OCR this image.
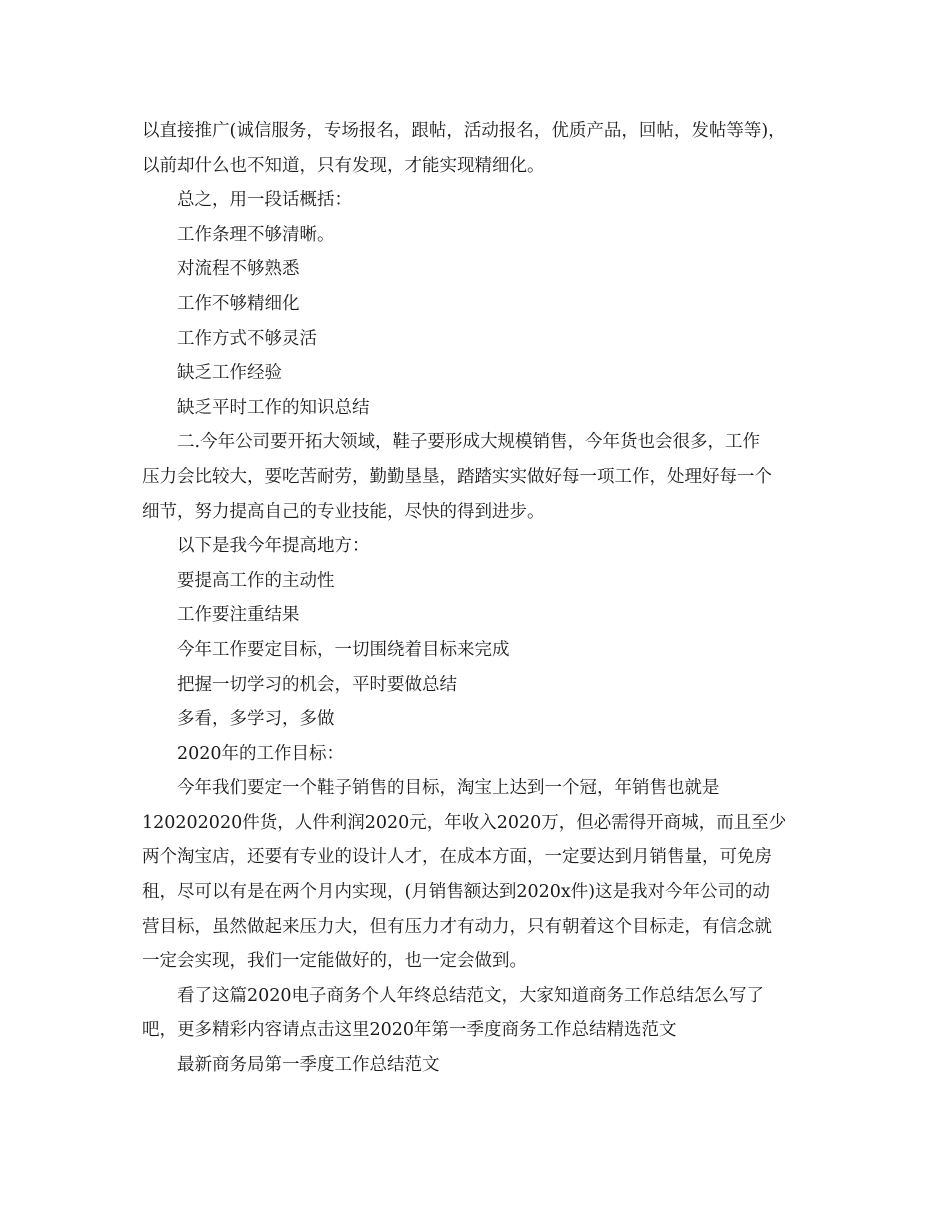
以直接推广(诚信服务，专场报名，跟帖，活动报名，优质产品，回帖，发帖等等)，
以前却什么也不知道，只有发现，才能实现精细化。

总之，用一段话概括：

工作条理不够清晰。

对流程不够熟悉

工作不够精细化

工作方式不够灵活

缺乏工作经验

缺乏平时工作的知识总结

二.今年公司要开拓大领域，鞋子要形成大规模销售，今年货也会很多，工作
压力会比较大，要吃苦耐劳，勤勤垦垦，踏踏实实做好每一项工作，处理好每一个
细节，努力提高自己的专业技能，尽快的得到进步。

以下是我今年提高地方：

要提高工作的主动性

工作要注重结果

今年工作要定目标，一切围绕着目标来完成

把握一切学习的机会，平时要做总结

多看，多学习，多做

2020年的工作目标：

今年我们要定一个鞋子销售的目标，淘宝上达到一个冠，年销售也就是
120202020件货，人件利润2020元，年收入2020万，但必需得开商城，而且至少
两个淘宝店，还要有专业的设计人才，在成本方面，一定要达到月销售量，可免房
租，尽可以有是在两个月内实现，(月销售额达到2020x件)这是我对今年公司的动
营目标，虽然做起来压力大，但有压力才有动力，只有朝着这个目标走，有信念就
一定会实现，我们一定能做好的，也一定会做到。

看了这篇2020电子商务个人年终总结范文，大家知道商务工作总结怎么写了
吧，更多精彩内容请点击这里2020年第一季度商务工作总结精选范文

最新商务局第一季度工作总结范文
